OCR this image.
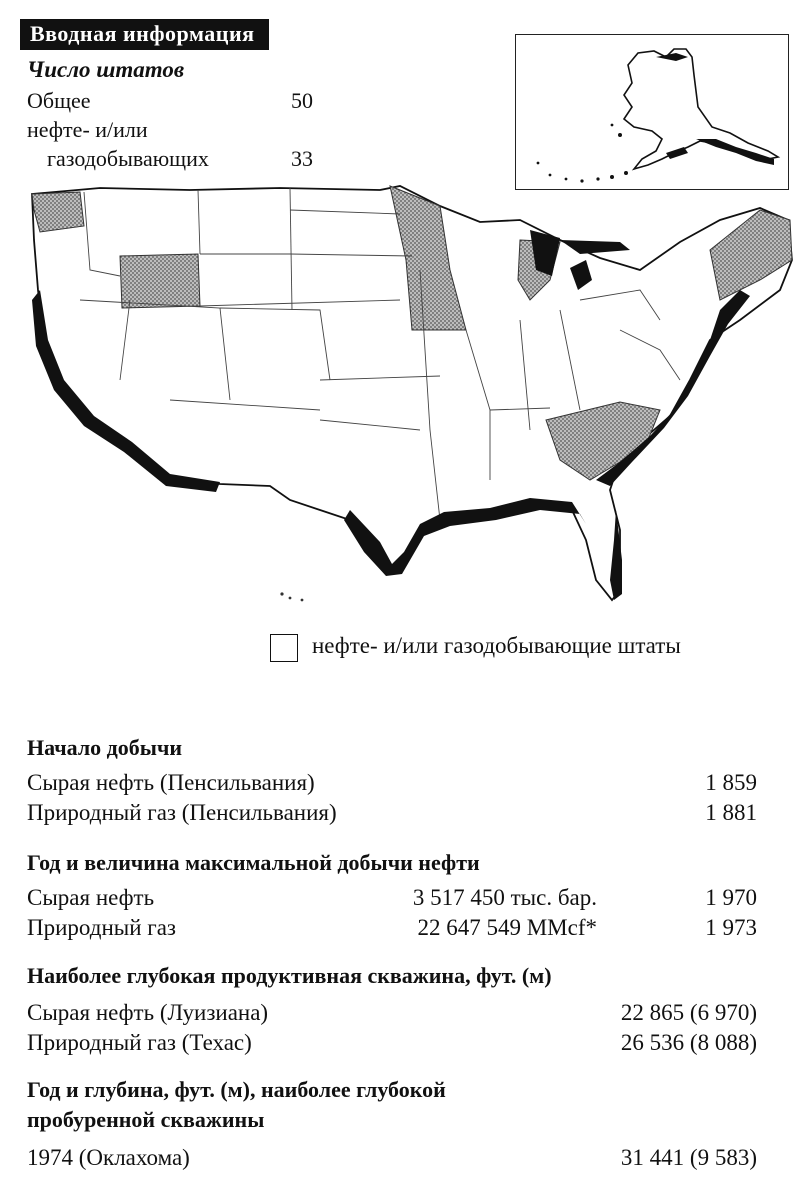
Вводная информация
Число штатов
Общее	50
нефте- и/или
газодобывающих	33
нефте- и/или газодобывающие штаты
Начало добычи
Сырая нефть (Пенсильвания)	1 859
Природный газ (Пенсильвания)	1 881
Год и величина максимальной добычи нефти
Сырая нефть	3 517 450 тыс. бар.	1 970
Природный газ	22 647 549 MMcf*	1 973
Наиболее глубокая продуктивная скважина, фут. (м)
Сырая нефть (Луизиана)	22 865 (6 970)
Природный газ (Техас)	26 536 (8 088)
Год и глубина, фут. (м), наиболее глубокой
пробуренной скважины
1974 (Оклахома)	31 441 (9 583)
